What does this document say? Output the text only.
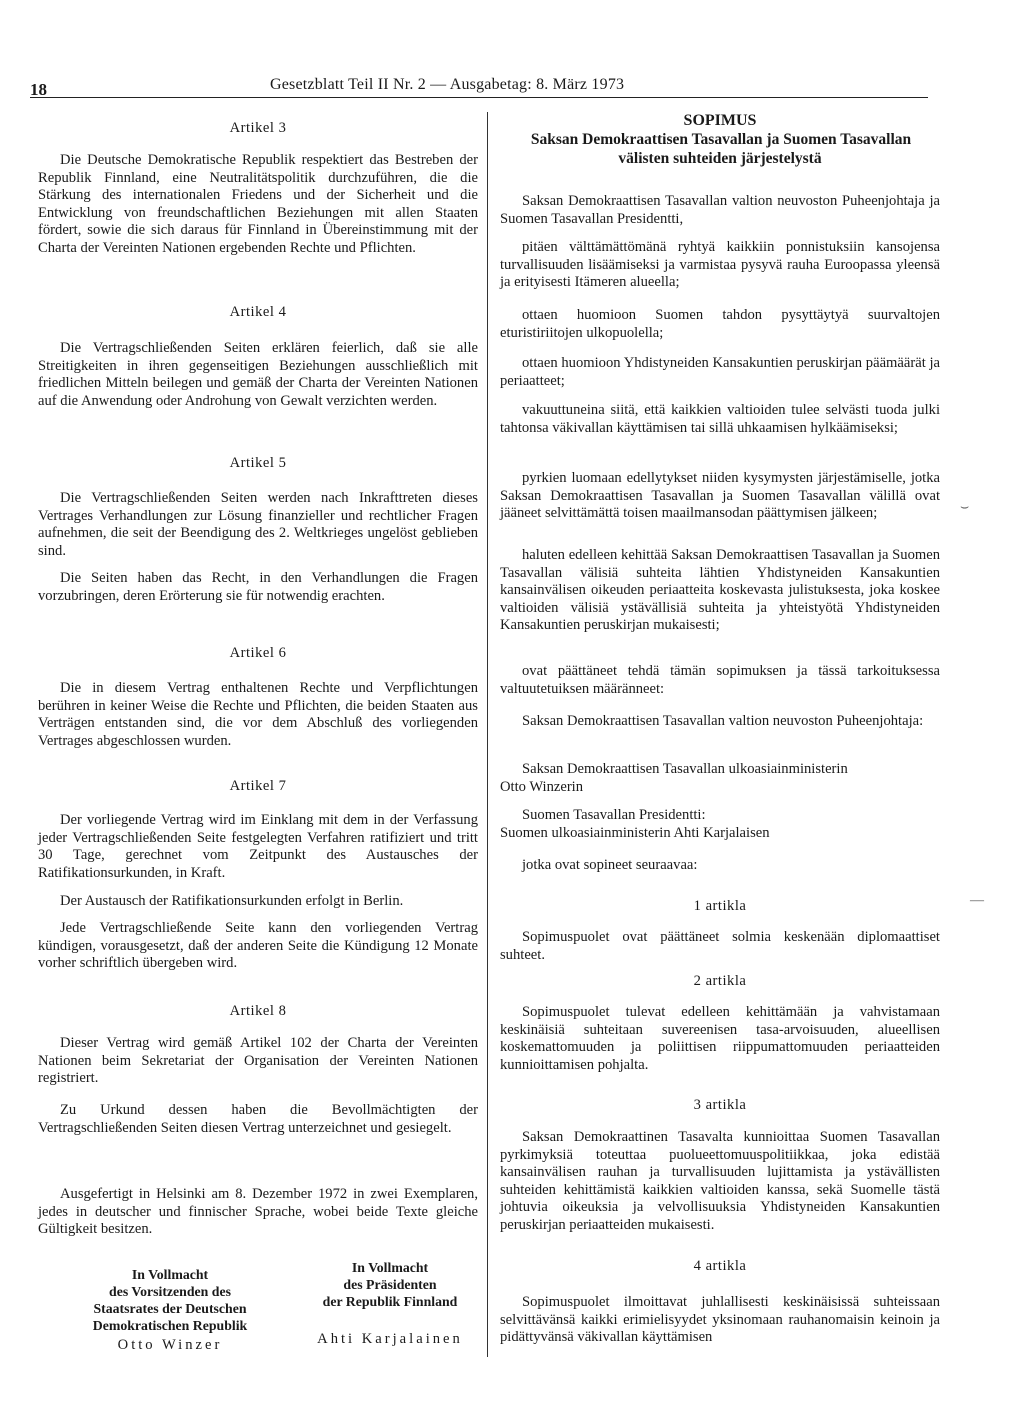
18	Gesetzblatt Teil II Nr. 2 — Ausgabetag: 8. März 1973

Artikel 3

Die Deutsche Demokratische Republik respektiert das Bestreben der Republik Finnland, eine Neutralitätspolitik durchzuführen, die die Stärkung des internationalen Friedens und der Sicherheit und die Entwicklung von freundschaftlichen Beziehungen mit allen Staaten fördert, sowie die sich daraus für Finnland in Übereinstimmung mit der Charta der Vereinten Nationen ergebenden Rechte und Pflichten.

Artikel 4

Die Vertragschließenden Seiten erklären feierlich, daß sie alle Streitigkeiten in ihren gegenseitigen Beziehungen ausschließlich mit friedlichen Mitteln beilegen und gemäß der Charta der Vereinten Nationen auf die Anwendung oder Androhung von Gewalt verzichten werden.

Artikel 5

Die Vertragschließenden Seiten werden nach Inkrafttreten dieses Vertrages Verhandlungen zur Lösung finanzieller und rechtlicher Fragen aufnehmen, die seit der Beendigung des 2. Weltkrieges ungelöst geblieben sind.

Die Seiten haben das Recht, in den Verhandlungen die Fragen vorzubringen, deren Erörterung sie für notwendig erachten.

Artikel 6

Die in diesem Vertrag enthaltenen Rechte und Verpflichtungen berühren in keiner Weise die Rechte und Pflichten, die beiden Staaten aus Verträgen entstanden sind, die vor dem Abschluß des vorliegenden Vertrages abgeschlossen wurden.

Artikel 7

Der vorliegende Vertrag wird im Einklang mit dem in der Verfassung jeder Vertragschließenden Seite festgelegten Verfahren ratifiziert und tritt 30 Tage, gerechnet vom Zeitpunkt des Austausches der Ratifikationsurkunden, in Kraft.

Der Austausch der Ratifikationsurkunden erfolgt in Berlin.

Jede Vertragschließende Seite kann den vorliegenden Vertrag kündigen, vorausgesetzt, daß der anderen Seite die Kündigung 12 Monate vorher schriftlich übergeben wird.

Artikel 8

Dieser Vertrag wird gemäß Artikel 102 der Charta der Vereinten Nationen beim Sekretariat der Organisation der Vereinten Nationen registriert.

Zu Urkund dessen haben die Bevollmächtigten der Vertragschließenden Seiten diesen Vertrag unterzeichnet und gesiegelt.

Ausgefertigt in Helsinki am 8. Dezember 1972 in zwei Exemplaren, jedes in deutscher und finnischer Sprache, wobei beide Texte gleiche Gültigkeit besitzen.

In Vollmacht
des Vorsitzenden des
Staatsrates der Deutschen
Demokratischen Republik
Otto Winzer
In Vollmacht
des Präsidenten
der Republik Finnland
Ahti Karjalainen

SOPIMUS

Saksan Demokraattisen Tasavallan ja Suomen Tasavallan

välisten suhteiden järjestelystä

Saksan Demokraattisen Tasavallan valtion neuvoston Puheenjohtaja ja Suomen Tasavallan Presidentti,

pitäen välttämättömänä ryhtyä kaikkiin ponnistuksiin kansojensa turvallisuuden lisäämiseksi ja varmistaa pysyvä rauha Euroopassa yleensä ja erityisesti Itämeren alueella;

ottaen huomioon Suomen tahdon pysyttäytyä suurvaltojen eturistiriitojen ulkopuolella;

ottaen huomioon Yhdistyneiden Kansakuntien peruskirjan päämäärät ja periaatteet;

vakuuttuneina siitä, että kaikkien valtioiden tulee selvästi tuoda julki tahtonsa väkivallan käyttämisen tai sillä uhkaamisen hylkäämiseksi;

pyrkien luomaan edellytykset niiden kysymysten järjestämiselle, jotka Saksan Demokraattisen Tasavallan ja Suomen Tasavallan välillä ovat jääneet selvittämättä toisen maailmansodan päättymisen jälkeen;

haluten edelleen kehittää Saksan Demokraattisen Tasavallan ja Suomen Tasavallan välisiä suhteita lähtien Yhdistyneiden Kansakuntien kansainvälisen oikeuden periaatteita koskevasta julistuksesta, joka koskee valtioiden välisiä ystävällisiä suhteita ja yhteistyötä Yhdistyneiden Kansakuntien peruskirjan mukaisesti;

ovat päättäneet tehdä tämän sopimuksen ja tässä tarkoituksessa valtuutetuiksen määränneet:

Saksan Demokraattisen Tasavallan valtion neuvoston Puheenjohtaja:

Saksan Demokraattisen Tasavallan ulkoasiainministerin

Otto Winzerin

Suomen Tasavallan Presidentti:

Suomen ulkoasiainministerin Ahti Karjalaisen

jotka ovat sopineet seuraavaa:

1 artikla

Sopimuspuolet ovat päättäneet solmia keskenään diplomaattiset suhteet.

2 artikla

Sopimuspuolet tulevat edelleen kehittämään ja vahvistamaan keskinäisiä suhteitaan suvereenisen tasa-arvoisuuden, alueellisen koskemattomuuden ja poliittisen riippumattomuuden periaatteiden kunnioittamisen pohjalta.

3 artikla

Saksan Demokraattinen Tasavalta kunnioittaa Suomen Tasavallan pyrkimyksiä toteuttaa puolueettomuuspolitiikkaa, joka edistää kansainvälisen rauhan ja turvallisuuden lujittamista ja ystävällisten suhteiden kehittämistä kaikkien valtioiden kanssa, sekä Suomelle tästä johtuvia oikeuksia ja velvollisuuksia Yhdistyneiden Kansakuntien peruskirjan periaatteiden mukaisesti.

4 artikla

Sopimuspuolet ilmoittavat juhlallisesti keskinäisissä suhteissaan selvittävänsä kaikki erimielisyydet yksinomaan rauhanomaisin keinoin ja pidättyvänsä väkivallan käyttämisen

⌣
—
